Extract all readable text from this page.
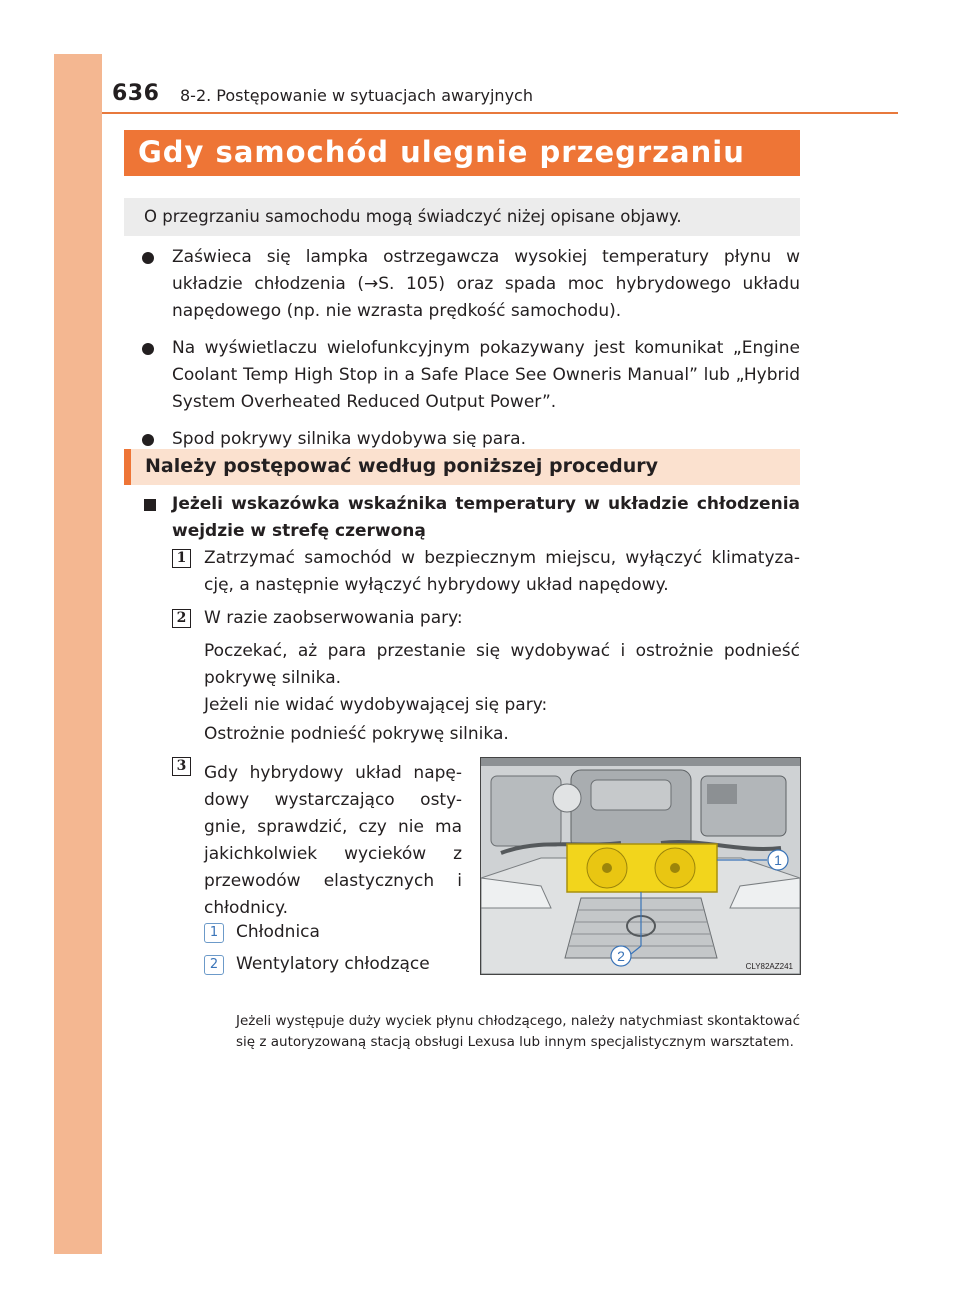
636 8-2. Postępowanie w sytuacjach awaryjnych
Gdy samochód ulegnie przegrzaniu
O przegrzaniu samochodu mogą świadczyć niżej opisane objawy.
Zaświeca się lampka ostrzegawcza wysokiej temperatury płynu w układzie chłodzenia (→S. 105) oraz spada moc hybrydowego układu napędowego (np. nie wzrasta prędkość samochodu).
Na wyświetlaczu wielofunkcyjnym pokazywany jest komunikat „Engine Coolant Temp High Stop in a Safe Place See Owneris Manual” lub „Hybrid System Overheated Reduced Output Power”.
Spod pokrywy silnika wydobywa się para.
Należy postępować według poniższej procedury
Jeżeli wskazówka wskaźnika temperatury w układzie chłodzenia wejdzie w strefę czerwoną
1 Zatrzymać samochód w bezpiecznym miejscu, wyłączyć klimatyza-cję, a następnie wyłączyć hybrydowy układ napędowy.
2 W razie zaobserwowania pary:
Poczekać, aż para przestanie się wydobywać i ostrożnie podnieść pokrywę silnika.
Jeżeli nie widać wydobywającej się pary:
Ostrożnie podnieść pokrywę silnika.
3 Gdy hybrydowy układ napę-dowy wystarczająco osty-gnie, sprawdzić, czy nie ma jakichkolwiek wycieków z przewodów elastycznych i chłodnicy.
1	Chłodnica
2	Wentylatory chłodzące
Jeżeli występuje duży wyciek płynu chłodzącego, należy natychmiast skontaktować się z autoryzowaną stacją obsługi Lexusa lub innym specjalistycznym warsztatem.
1
2
CLY82AZ241
